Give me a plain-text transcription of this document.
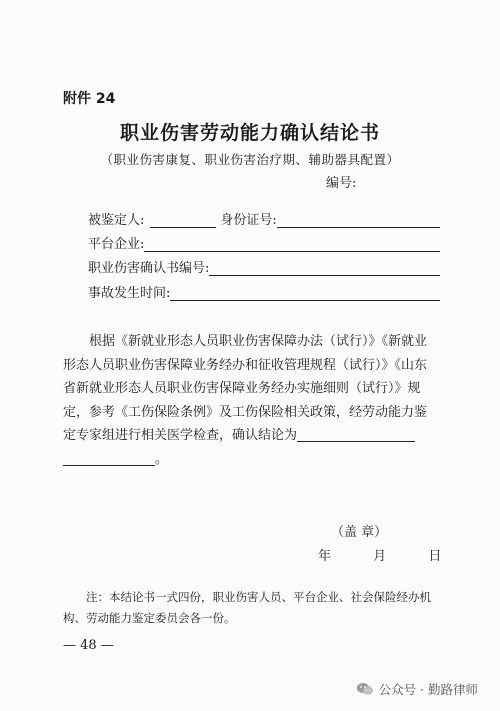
附件 24
职业伤害劳动能力确认结论书
（职业伤害康复、职业伤害治疗期、辅助器具配置）
编号:
被鉴定人:	身份证号:
平台企业:
职业伤害确认书编号:
事故发生时间:

根据《新就业形态人员职业伤害保障办法（试行）》《新就业形态人员职业伤害保障业务经办和征收管理规程（试行）》《山东省新就业形态人员职业伤害保障业务经办实施细则（试行）》规定，参考《工伤保险条例》及工伤保险相关政策，经劳动能力鉴定专家组进行相关医学检查，确认结论为
。

（盖 章）
年	月	日

注：本结论书一式四份，职业伤害人员、平台企业、社会保险经办机构、劳动能力鉴定委员会各一份。

— 48 —
公众号 · 勤路律师
